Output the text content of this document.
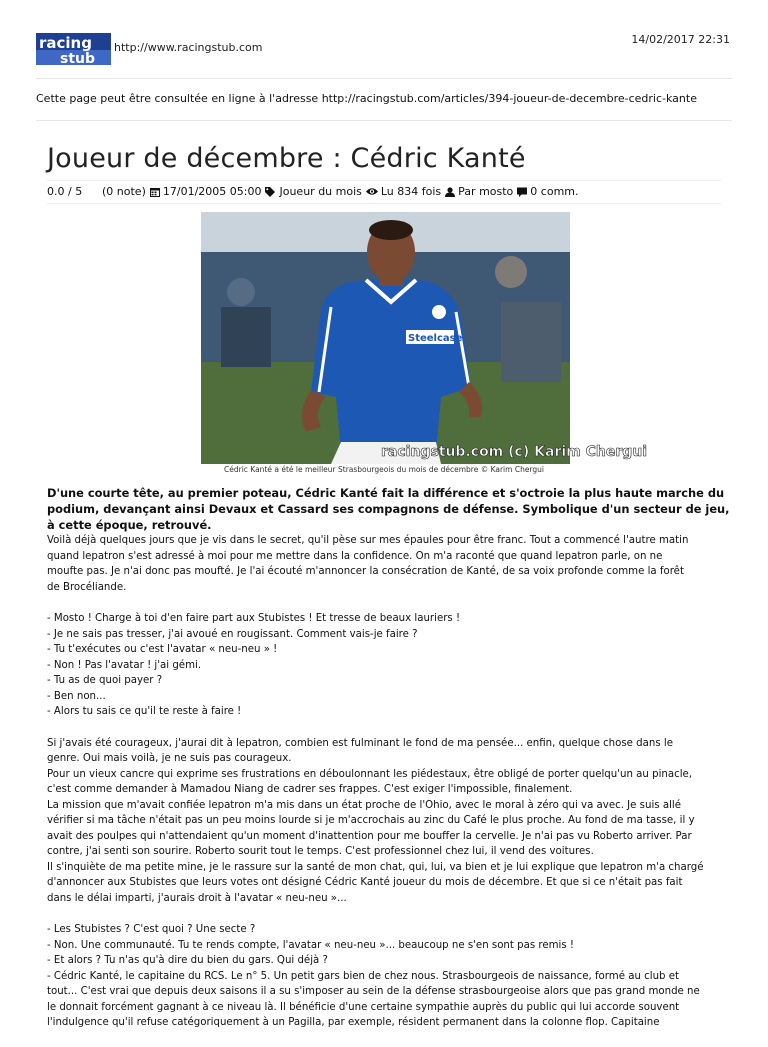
14/02/2017 22:31
racing
stub
http://www.racingstub.com
Cette page peut être consultée en ligne à l'adresse http://racingstub.com/articles/394-joueur-de-decembre-cedric-kante
Joueur de décembre : Cédric Kanté
0.0 / 5	(0 note) 17/01/2005 05:00 Joueur du mois Lu 834 fois Par mosto 0 comm.
Steelcase
racingstub.com (c) Karim Chergui
Cédric Kanté a été le meilleur Strasbourgeois du mois de décembre © Karim Chergui

D'une courte tête, au premier poteau, Cédric Kanté fait la différence et s'octroie la plus haute marche du podium, devançant ainsi Devaux et Cassard ses compagnons de défense. Symbolique d'un secteur de jeu, à cette époque, retrouvé.

Voilà déjà quelques jours que je vis dans le secret, qu'il pèse sur mes épaules pour être franc. Tout a commencé l'autre matin
quand lepatron s'est adressé à moi pour me mettre dans la confidence. On m'a raconté que quand lepatron parle, on ne
moufte pas. Je n'ai donc pas moufté. Je l'ai écouté m'annoncer la consécration de Kanté, de sa voix profonde comme la forêt
de Brocéliande.

- Mosto ! Charge à toi d'en faire part aux Stubistes ! Et tresse de beaux lauriers !
- Je ne sais pas tresser, j'ai avoué en rougissant. Comment vais-je faire ?
- Tu t'exécutes ou c'est l'avatar « neu-neu » !
- Non ! Pas l'avatar ! j'ai gémi.
- Tu as de quoi payer ?
- Ben non...
- Alors tu sais ce qu'il te reste à faire !

Si j'avais été courageux, j'aurai dit à lepatron, combien est fulminant le fond de ma pensée... enfin, quelque chose dans le
genre. Oui mais voilà, je ne suis pas courageux.
Pour un vieux cancre qui exprime ses frustrations en déboulonnant les piédestaux, être obligé de porter quelqu'un au pinacle,
c'est comme demander à Mamadou Niang de cadrer ses frappes. C'est exiger l'impossible, finalement.
La mission que m'avait confiée lepatron m'a mis dans un état proche de l'Ohio, avec le moral à zéro qui va avec. Je suis allé
vérifier si ma tâche n'était pas un peu moins lourde si je m'accrochais au zinc du Café le plus proche. Au fond de ma tasse, il y
avait des poulpes qui n'attendaient qu'un moment d'inattention pour me bouffer la cervelle. Je n'ai pas vu Roberto arriver. Par
contre, j'ai senti son sourire. Roberto sourit tout le temps. C'est professionnel chez lui, il vend des voitures.
Il s'inquiète de ma petite mine, je le rassure sur la santé de mon chat, qui, lui, va bien et je lui explique que lepatron m'a chargé
d'annoncer aux Stubistes que leurs votes ont désigné Cédric Kanté joueur du mois de décembre. Et que si ce n'était pas fait
dans le délai imparti, j'aurais droit à l'avatar « neu-neu »...

- Les Stubistes ? C'est quoi ? Une secte ?
- Non. Une communauté. Tu te rends compte, l'avatar « neu-neu »... beaucoup ne s'en sont pas remis !
- Et alors ? Tu n'as qu'à dire du bien du gars. Qui déjà ?
- Cédric Kanté, le capitaine du RCS. Le n° 5. Un petit gars bien de chez nous. Strasbourgeois de naissance, formé au club et
tout... C'est vrai que depuis deux saisons il a su s'imposer au sein de la défense strasbourgeoise alors que pas grand monde ne
le donnait forcément gagnant à ce niveau là. Il bénéficie d'une certaine sympathie auprès du public qui lui accorde souvent
l'indulgence qu'il refuse catégoriquement à un Pagilla, par exemple, résident permanent dans la colonne flop. Capitaine
